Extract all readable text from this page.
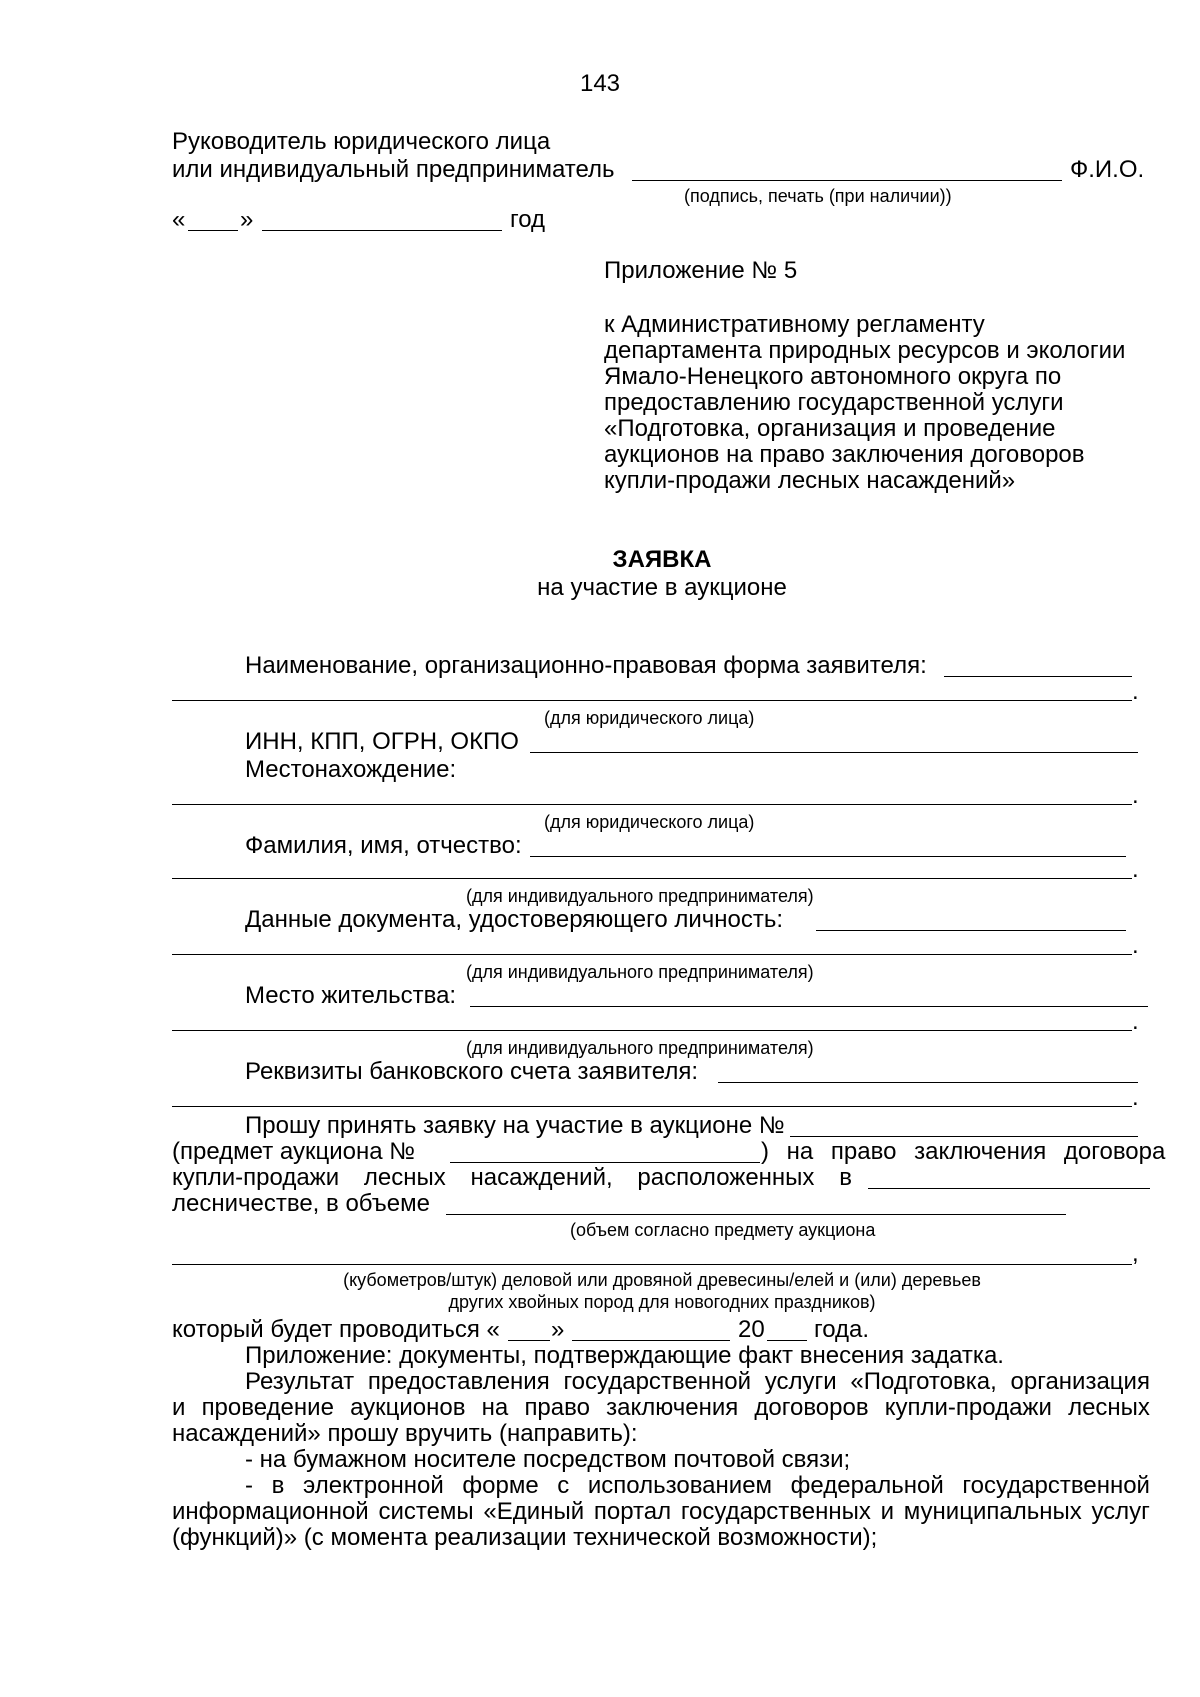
143
Руководитель юридического лица
или индивидуальный предприниматель	Ф.И.О.
(подпись, печать (при наличии))
« »	год
Приложение № 5
к Административному регламенту
департамента природных ресурсов и экологии
Ямало-Ненецкого автономного округа по
предоставлению государственной услуги
«Подготовка, организация и проведение
аукционов на право заключения договоров
купли-продажи лесных насаждений»
ЗАЯВКА
на участие в аукционе
Наименование, организационно-правовая форма заявителя:
.
(для юридического лица)
ИНН, КПП, ОГРН, ОКПО
Местонахождение:
.
(для юридического лица)
Фамилия, имя, отчество:
.
(для индивидуального предпринимателя)
Данные документа, удостоверяющего личность:
.
(для индивидуального предпринимателя)
Место жительства:
.
(для индивидуального предпринимателя)
Реквизиты банковского счета заявителя:
.
Прошу принять заявку на участие в аукционе №
(предмет аукциона №	) на право заключения договора
купли-продажи лесных насаждений, расположенных в
лесничестве, в объеме
(объем согласно предмету аукциона
,
(кубометров/штук) деловой или дровяной древесины/елей и (или) деревьев
других хвойных пород для новогодних праздников)
который будет проводиться « »	20 года.
Приложение: документы, подтверждающие факт внесения задатка.
Результат предоставления государственной услуги «Подготовка, организация
и проведение аукционов на право заключения договоров купли-продажи лесных
насаждений» прошу вручить (направить):
- на бумажном носителе посредством почтовой связи;
- в электронной форме с использованием федеральной государственной
информационной системы «Единый портал государственных и муниципальных услуг
(функций)» (с момента реализации технической возможности);
